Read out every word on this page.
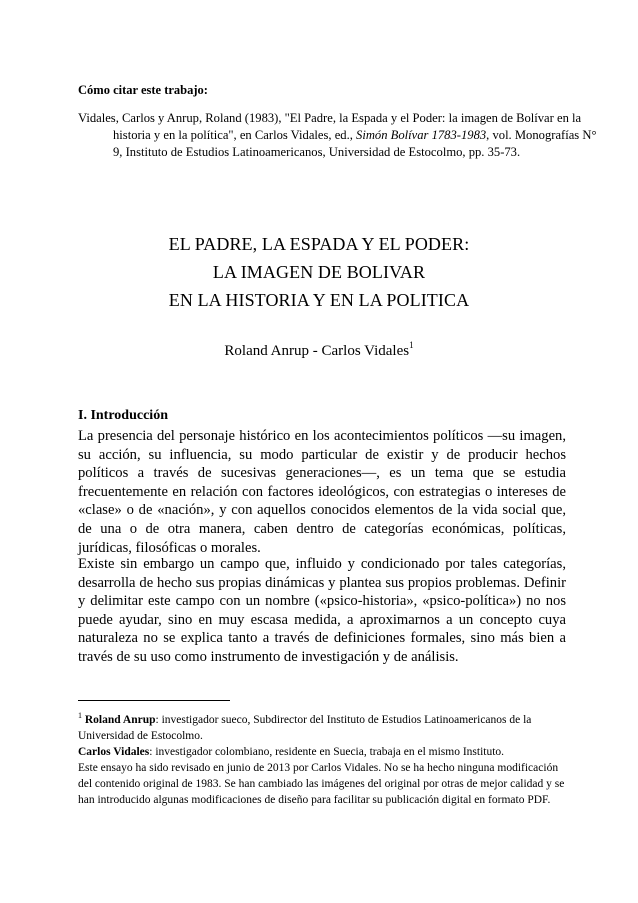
Cómo citar este trabajo:
Vidales, Carlos y Anrup, Roland (1983), "El Padre, la Espada y el Poder: la imagen de Bolívar en la historia y en la política", en Carlos Vidales, ed., Simón Bolívar 1783-1983, vol. Monografías N° 9, Instituto de Estudios Latinoamericanos, Universidad de Estocolmo, pp. 35-73.
EL PADRE, LA ESPADA Y EL PODER:
LA IMAGEN DE BOLIVAR
EN LA HISTORIA Y EN LA POLITICA
Roland Anrup - Carlos Vidales$^1$
I. Introducción

La presencia del personaje histórico en los acontecimientos políticos —su imagen, su acción, su influencia, su modo particular de existir y de producir hechos políticos a través de sucesivas generaciones—, es un tema que se estudia frecuentemente en relación con factores ideológicos, con estrategias o intereses de «clase» o de «nación», y con aquellos conocidos elementos de la vida social que, de una o de otra manera, caben dentro de categorías económicas, políticas, jurídicas, filosóficas o morales.

Existe sin embargo un campo que, influido y condicionado por tales categorías, desarrolla de hecho sus propias dinámicas y plantea sus propios problemas. Definir y delimitar este campo con un nombre («psico-historia», «psico-política») no nos puede ayudar, sino en muy escasa medida, a aproximarnos a un concepto cuya naturaleza no se explica tanto a través de definiciones formales, sino más bien a través de su uso como instrumento de investigación y de análisis.

$^1$ Roland Anrup: investigador sueco, Subdirector del Instituto de Estudios Latinoamericanos de la Universidad de Estocolmo.
Carlos Vidales: investigador colombiano, residente en Suecia, trabaja en el mismo Instituto.
Este ensayo ha sido revisado en junio de 2013 por Carlos Vidales. No se ha hecho ninguna modificación del contenido original de 1983. Se han cambiado las imágenes del original por otras de mejor calidad y se han introducido algunas modificaciones de diseño para facilitar su publicación digital en formato PDF.
